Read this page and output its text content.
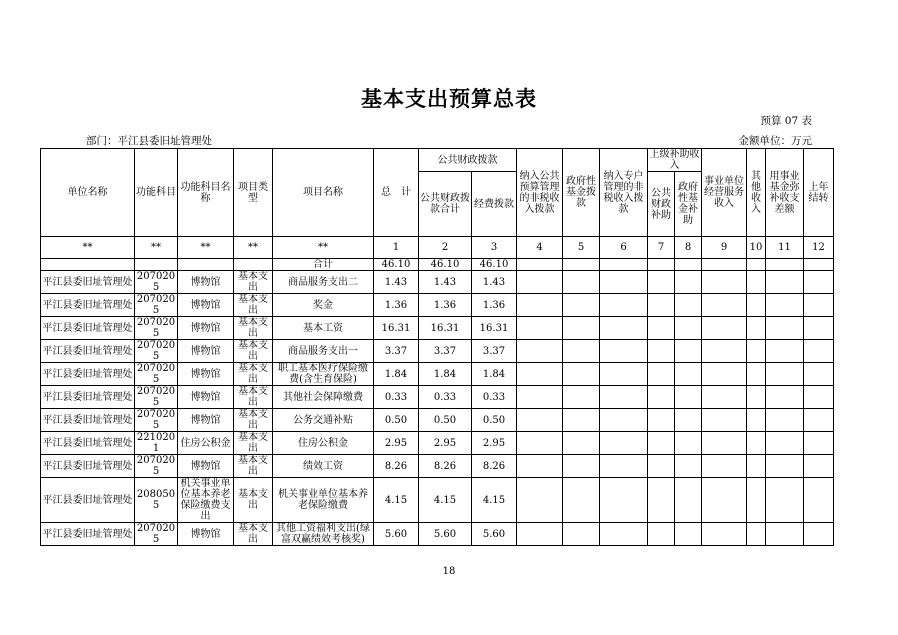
基本支出预算总表
预算 07 表
部门：平江县委旧址管理处	金额单位：万元
单位名称	功能科目	功能科目名称	项目类型	项目名称	总　计	公共财政拨款		纳入公共预算管理的非税收入拨款	政府性基金拨款	纳入专户管理的非税收入拨款	上级补助收入		事业单位经营服务收入	其他收入	用事业基金弥补收支差额	上年结转
						公共财政拨款合计	经费拨款				公共财政补助	政府性基金补助				

**	**	**	**	**	1	2	3	4	5	6	7	8	9	10	11	12
				合计	46.10	46.10	46.10									
平江县委旧址管理处	2070205	博物馆	基本支出	商品服务支出二	1.43	1.43	1.43									
平江县委旧址管理处	2070205	博物馆	基本支出	奖金	1.36	1.36	1.36									
平江县委旧址管理处	2070205	博物馆	基本支出	基本工资	16.31	16.31	16.31									
平江县委旧址管理处	2070205	博物馆	基本支出	商品服务支出一	3.37	3.37	3.37									
平江县委旧址管理处	2070205	博物馆	基本支出	职工基本医疗保险缴费(含生育保险)	1.84	1.84	1.84									
平江县委旧址管理处	2070205	博物馆	基本支出	其他社会保障缴费	0.33	0.33	0.33									
平江县委旧址管理处	2070205	博物馆	基本支出	公务交通补贴	0.50	0.50	0.50									
平江县委旧址管理处	2210201	住房公积金	基本支出	住房公积金	2.95	2.95	2.95									
平江县委旧址管理处	2070205	博物馆	基本支出	绩效工资	8.26	8.26	8.26									
平江县委旧址管理处	2080505	机关事业单位基本养老保险缴费支出	基本支出	机关事业单位基本养老保险缴费	4.15	4.15	4.15									
平江县委旧址管理处	2070205	博物馆	基本支出	其他工资福利支出(绿富双赢绩效考核奖)	5.60	5.60	5.60									
18
